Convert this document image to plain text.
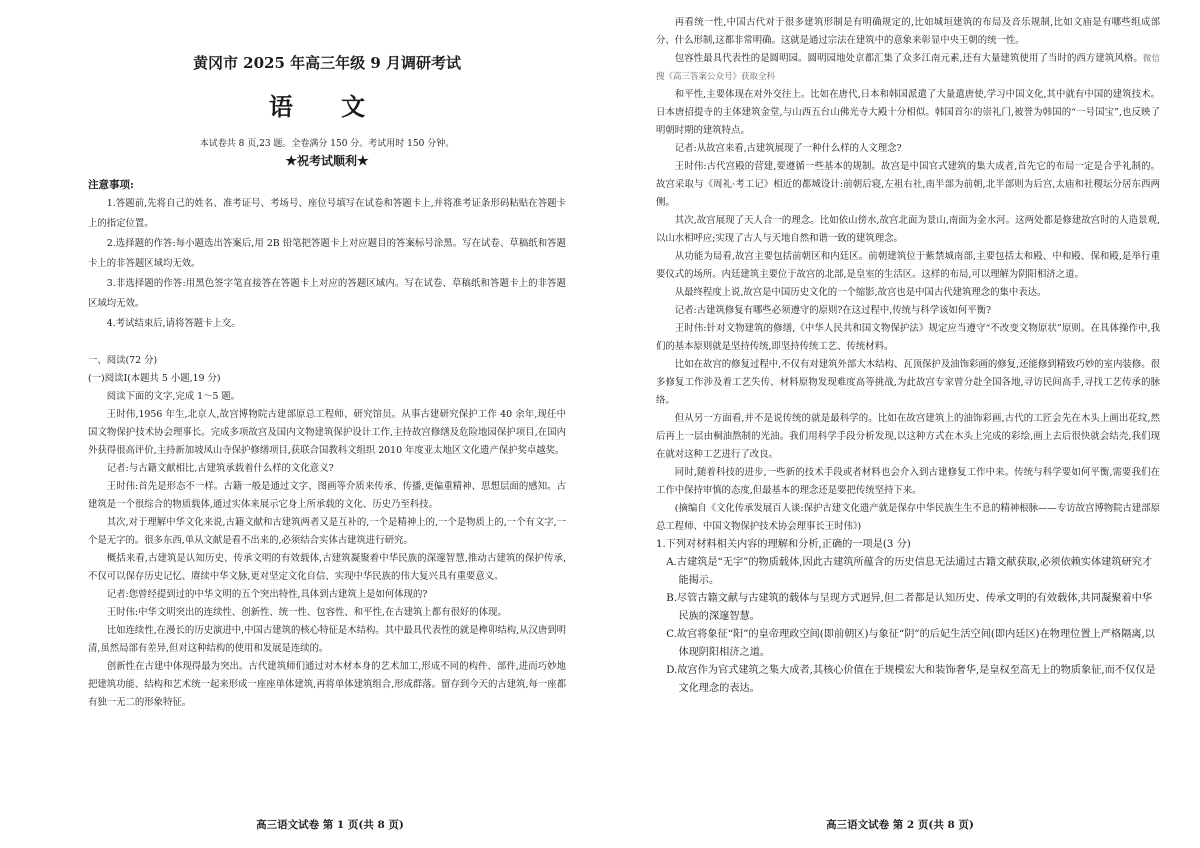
黄冈市 2025 年高三年级 9 月调研考试
语 文

本试卷共 8 页,23 题。全卷满分 150 分。考试用时 150 分钟。

★祝考试顺利★
注意事项:

1.答题前,先将自己的姓名、准考证号、考场号、座位号填写在试卷和答题卡上,并将准考证条形码粘贴在答题卡上的指定位置。

2.选择题的作答:每小题选出答案后,用 2B 铅笔把答题卡上对应题目的答案标号涂黑。写在试卷、草稿纸和答题卡上的非答题区域均无效。

3.非选择题的作答:用黑色签字笔直接答在答题卡上对应的答题区域内。写在试卷、草稿纸和答题卡上的非答题区域均无效。

4.考试结束后,请将答题卡上交。

一、阅读(72 分)

(一)阅读Ⅰ(本题共 5 小题,19 分)

阅读下面的文字,完成 1～5 题。

王时伟,1956 年生,北京人,故宫博物院古建部原总工程师、研究馆员。从事古建研究保护工作 40 余年,现任中国文物保护技术协会理事长。完成多项故宫及国内文物建筑保护设计工作,主持故宫修缮及危险地园保护项目,在国内外获得很高评价,主持新加坡凤山寺保护修缮项目,获联合国教科文组织 2010 年度亚太地区文化遗产保护奖卓越奖。

记者:与古籍文献相比,古建筑承载着什么样的文化意义?

王时伟:首先是形态不一样。古籍一般是通过文字、图画等介质来传承、传播,更偏重精神、思想层面的感知。古建筑是一个很综合的物质载体,通过实体来展示它身上所承载的文化、历史乃至科技。

其次,对于理解中华文化来说,古籍文献和古建筑两者又是互补的,一个是精神上的,一个是物质上的,一个有文字,一个是无字的。很多东西,单从文献是看不出来的,必须结合实体古建筑进行研究。

概括来看,古建筑是认知历史、传承文明的有效载体,古建筑凝聚着中华民族的深邃智慧,推动古建筑的保护传承,不仅可以保存历史记忆、赓续中华文脉,更对坚定文化自信、实现中华民族的伟大复兴具有重要意义。

记者:您曾经提到过的中华文明的五个突出特性,具体到古建筑上是如何体现的?

王时伟:中华文明突出的连续性、创新性、统一性、包容性、和平性,在古建筑上都有很好的体现。

比如连续性,在漫长的历史演进中,中国古建筑的核心特征是木结构。其中最具代表性的就是榫卯结构,从汉唐到明清,虽然局部有差异,但对这种结构的使用和发展是连续的。

创新性在古建中体现得最为突出。古代建筑师们通过对木材本身的艺术加工,形成不同的构件、部件,进而巧妙地把建筑功能、结构和艺术统一起来形成一座座单体建筑,再将单体建筑组合,形成群落。留存到今天的古建筑,每一座都有独一无二的形象特征。

高三语文试卷 第 1 页(共 8 页)

再看统一性,中国古代对于很多建筑形制是有明确规定的,比如城垣建筑的布局及音乐规制,比如文庙是有哪些组成部分、什么形制,这都非常明确。这就是通过宗法在建筑中的意象来彰显中央王朝的统一性。

包容性最具代表性的是圆明园。圆明园地处京都汇集了众多江南元素,还有大量建筑使用了当时的西方建筑风格。微信搜《高三答案公众号》获取全科

和平性,主要体现在对外交往上。比如在唐代,日本和韩国派遣了大量遣唐使,学习中国文化,其中就有中国的建筑技术。日本唐招提寺的主体建筑金堂,与山西五台山佛光寺大殿十分相似。韩国首尔的崇礼门,被誉为韩国的“一号国宝”,也反映了明朝时期的建筑特点。

记者:从故宫来看,古建筑展现了一种什么样的人文理念?

王时伟:古代宫殿的营建,要遵循一些基本的规制。故宫是中国官式建筑的集大成者,首先它的布局一定是合乎礼制的。故宫采取与《周礼·考工记》相近的都城设计:前朝后寝,左祖右社,南半部为前朝,北半部则为后宫,太庙和社稷坛分居东西两侧。

其次,故宫展现了天人合一的理念。比如依山傍水,故宫北面为景山,南面为金水河。这两处都是修建故宫时的人造景观,以山水相呼应;实现了古人与天地自然和谐一致的建筑理念。

从功能为局看,故宫主要包括前朝区和内廷区。前朝建筑位于紫禁城南部,主要包括太和殿、中和殿、保和殿,是举行重要仪式的场所。内廷建筑主要位于故宫的北部,是皇室的生活区。这样的布局,可以理解为阴阳相济之道。

从最终程度上说,故宫是中国历史文化的一个缩影,故宫也是中国古代建筑理念的集中表达。

记者:古建筑修复有哪些必须遵守的原则?在这过程中,传统与科学该如何平衡?

王时伟:针对文物建筑的修缮,《中华人民共和国文物保护法》规定应当遵守“不改变文物原状”原则。在具体操作中,我们的基本原则就是坚持传统,即坚持传统工艺、传统材料。

比如在故宫的修复过程中,不仅有对建筑外部大木结构、瓦顶保护及油饰彩画的修复,还能修到精致巧妙的室内装修。很多修复工作涉及着工艺失传、材料原物发现难度高等挑战,为此故宫专家曾分赴全国各地,寻访民间高手,寻找工艺传承的脉络。

但从另一方面看,并不是说传统的就是最科学的。比如在故宫建筑上的油饰彩画,古代的工匠会先在木头上画出花纹,然后再上一层由桐油熬制的光油。我们用科学手段分析发现,以这种方式在木头上完成的彩绘,画上去后很快就会结壳,我们现在就对这种工艺进行了改良。

同时,随着科技的进步,一些新的技术手段或者材料也会介入到古建修复工作中来。传统与科学要如何平衡,需要我们在工作中保持审慎的态度,但最基本的理念还是要把传统坚持下来。

(摘编自《文化传承发展百人谈:保护古建文化遗产就是保存中华民族生生不息的精神根脉——专访故宫博物院古建部原总工程师、中国文物保护技术协会理事长王时伟》)

1.下列对材料相关内容的理解和分析,正确的一项是(3 分)

A.古建筑是“无字”的物质载体,因此古建筑所蕴含的历史信息无法通过古籍文献获取,必须依赖实体建筑研究才能揭示。

B.尽管古籍文献与古建筑的载体与呈现方式迥异,但二者都是认知历史、传承文明的有效载体,共同凝聚着中华民族的深邃智慧。

C.故宫将象征“阳”的皇帝理政空间(即前朝区)与象征“阴”的后妃生活空间(即内廷区)在物理位置上严格隔离,以体现阴阳相济之道。

D.故宫作为官式建筑之集大成者,其核心价值在于规模宏大和装饰奢华,是皇权至高无上的物质象征,而不仅仅是文化理念的表达。

高三语文试卷 第 2 页(共 8 页)
